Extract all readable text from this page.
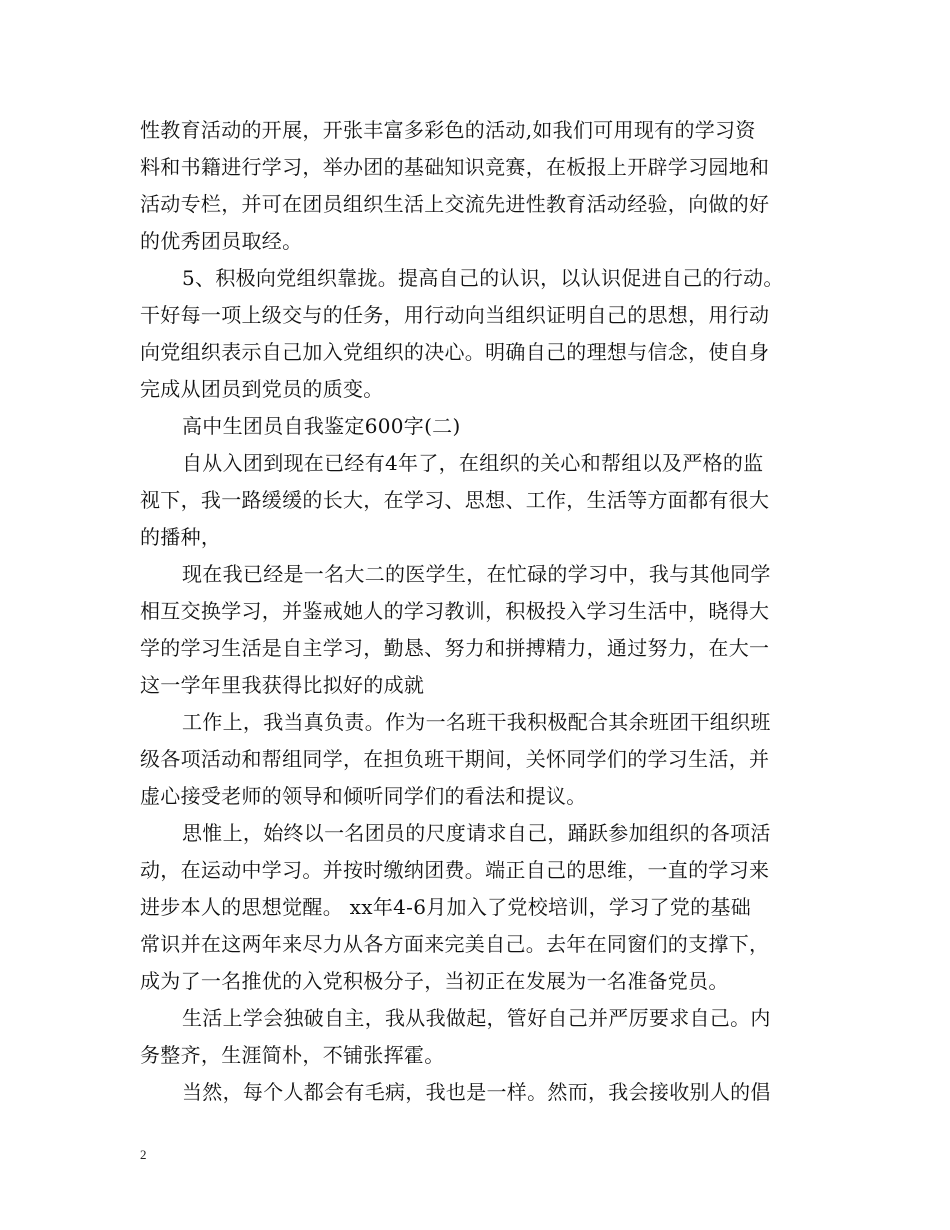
性教育活动的开展，开张丰富多彩色的活动,如我们可用现有的学习资
料和书籍进行学习，举办团的基础知识竞赛，在板报上开辟学习园地和
活动专栏，并可在团员组织生活上交流先进性教育活动经验，向做的好
的优秀团员取经。
5、积极向党组织靠拢。提高自己的认识，以认识促进自己的行动。
干好每一项上级交与的任务，用行动向当组织证明自己的思想，用行动
向党组织表示自己加入党组织的决心。明确自己的理想与信念，使自身
完成从团员到党员的质变。
高中生团员自我鉴定600字(二)
自从入团到现在已经有4年了，在组织的关心和帮组以及严格的监
视下，我一路缓缓的长大，在学习、思想、工作，生活等方面都有很大
的播种，
现在我已经是一名大二的医学生，在忙碌的学习中，我与其他同学
相互交换学习，并鉴戒她人的学习教训，积极投入学习生活中，晓得大
学的学习生活是自主学习，勤恳、努力和拼搏精力，通过努力，在大一
这一学年里我获得比拟好的成就
工作上，我当真负责。作为一名班干我积极配合其余班团干组织班
级各项活动和帮组同学，在担负班干期间，关怀同学们的学习生活，并
虚心接受老师的领导和倾听同学们的看法和提议。
思惟上，始终以一名团员的尺度请求自己，踊跃参加组织的各项活
动，在运动中学习。并按时缴纳团费。端正自己的思维，一直的学习来
进步本人的思想觉醒。 xx年4-6月加入了党校培训，学习了党的基础
常识并在这两年来尽力从各方面来完美自己。去年在同窗们的支撑下，
成为了一名推优的入党积极分子，当初正在发展为一名准备党员。
生活上学会独破自主，我从我做起，管好自己并严厉要求自己。内
务整齐，生涯简朴，不铺张挥霍。
当然，每个人都会有毛病，我也是一样。然而，我会接收别人的倡
2
